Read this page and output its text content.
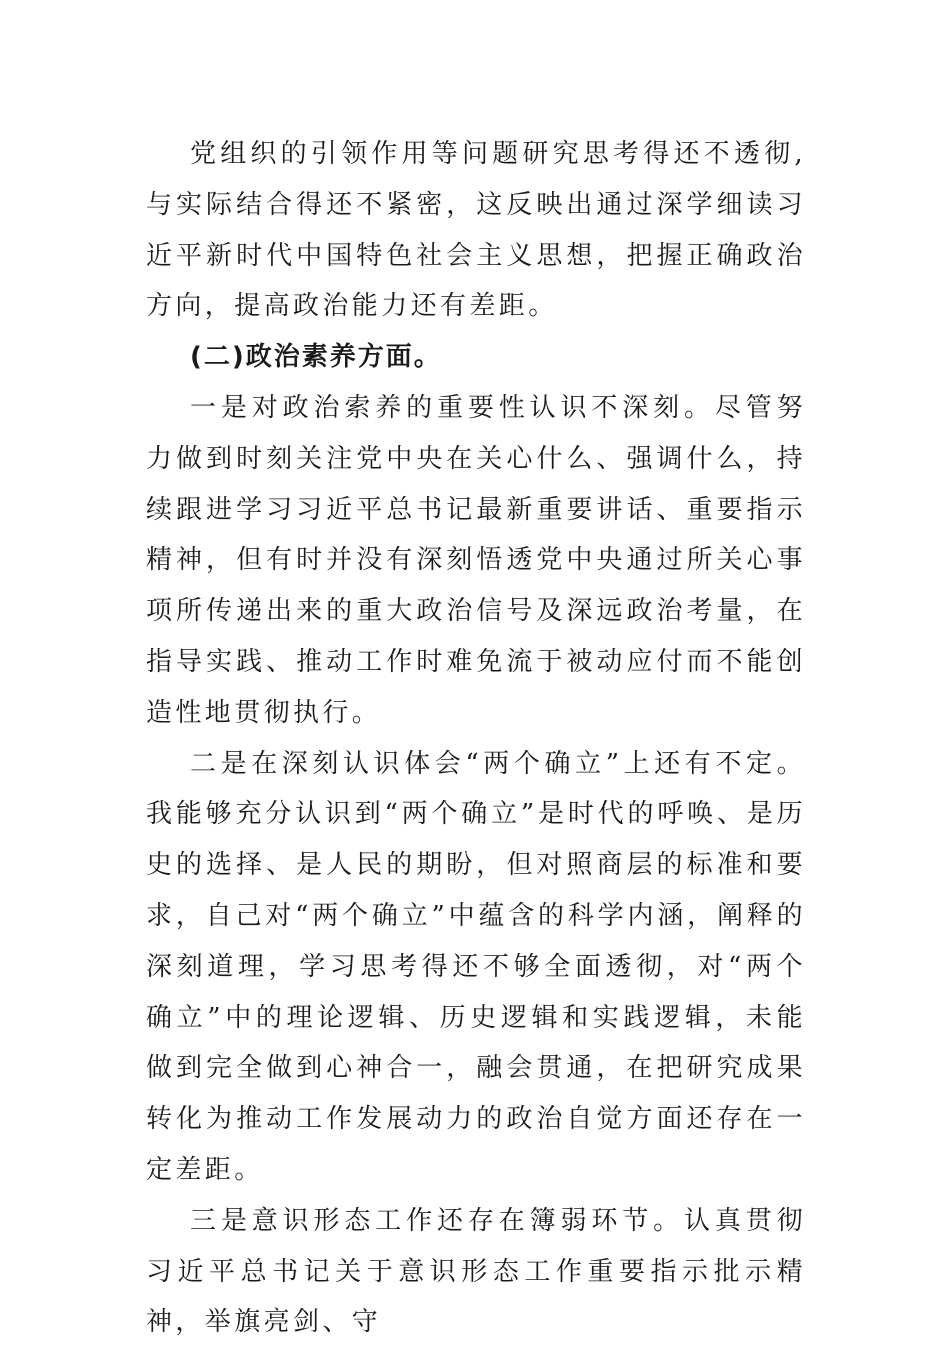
党组织的引领作用等问题研究思考得还不透彻,与实际结合得还不紧密，这反映出通过深学细读习近平新时代中国特色社会主义思想，把握正确政治方向，提高政治能力还有差距。

(二)政治素养方面。

一是对政治索养的重要性认识不深刻。尽管努力做到时刻关注党中央在关心什么、强调什么，持续跟进学习习近平总书记最新重要讲话、重要指示精神，但有时并没有深刻悟透党中央通过所关心事项所传递出来的重大政治信号及深远政治考量，在指导实践、推动工作时难免流于被动应付而不能创造性地贯彻执行。

二是在深刻认识体会“两个确立”上还有不定。我能够充分认识到“两个确立”是时代的呼唤、是历史的选择、是人民的期盼，但对照商层的标准和要求，自己对“两个确立”中蕴含的科学内涵，阐释的深刻道理，学习思考得还不够全面透彻，对“两个确立”中的理论逻辑、历史逻辑和实践逻辑，未能做到完全做到心神合一，融会贯通，在把研究成果转化为推动工作发展动力的政治自觉方面还存在一定差距。

三是意识形态工作还存在簿弱环节。认真贯彻习近平总书记关于意识形态工作重要指示批示精神，举旗亮剑、守
